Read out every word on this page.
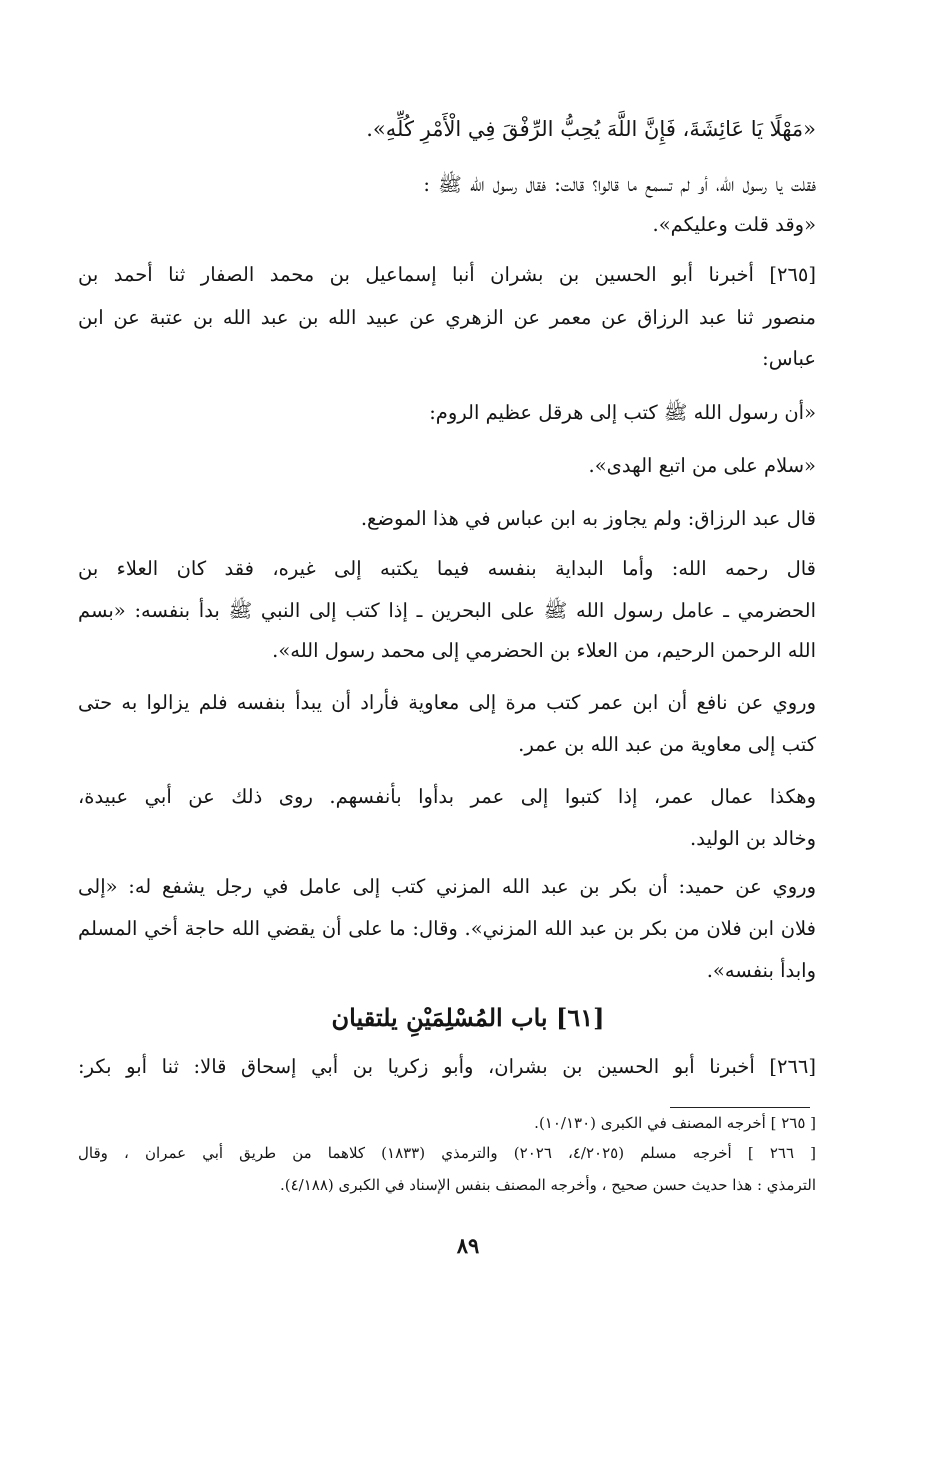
«مَهْلًا يَا عَائِشَةَ، فَإِنَّ اللَّهَ يُحِبُّ الرِّفْقَ فِي الْأَمْرِ كُلِّهِ».
فقلت يا رسول الله، أو لم تسمع ما قالوا؟ قالت: فقال رسول الله ﷺ :
«وقد قلت وعليكم».
[٢٦٥] أخبرنا أبو الحسين بن بشران أنبا إسماعيل بن محمد الصفار ثنا أحمد بن
منصور ثنا عبد الرزاق عن معمر عن الزهري عن عبيد الله بن عبد الله بن عتبة عن ابن
عباس:
«أن رسول الله ﷺ كتب إلى هرقل عظيم الروم:
«سلام على من اتبع الهدى».
قال عبد الرزاق: ولم يجاوز به ابن عباس في هذا الموضع.
قال رحمه الله: وأما البداية بنفسه فيما يكتبه إلى غيره، فقد كان العلاء بن
الحضرمي ـ عامل رسول الله ﷺ على البحرين ـ إذا كتب إلى النبي ﷺ بدأ بنفسه: «بسم
الله الرحمن الرحيم، من العلاء بن الحضرمي إلى محمد رسول الله».
وروي عن نافع أن ابن عمر كتب مرة إلى معاوية فأراد أن يبدأ بنفسه فلم يزالوا به حتى
كتب إلى معاوية من عبد الله بن عمر.
وهكذا عمال عمر، إذا كتبوا إلى عمر بدأوا بأنفسهم. روى ذلك عن أبي عبيدة،
وخالد بن الوليد.
وروي عن حميد: أن بكر بن عبد الله المزني كتب إلى عامل في رجل يشفع له: «إلى
فلان ابن فلان من بكر بن عبد الله المزني». وقال: ما على أن يقضي الله حاجة أخي المسلم
وابدأ بنفسه».
[٦١] باب المُسْلِمَيْنِ يلتقيان
[٢٦٦] أخبرنا أبو الحسين بن بشران، وأبو زكريا بن أبي إسحاق قالا: ثنا أبو بكر:
[ ٢٦٥ ] أخرجه المصنف في الكبرى (١٠/١٣٠).
[ ٢٦٦ ] أخرجه مسلم (٤/٢٠٢٥، ٢٠٢٦) والترمذي (١٨٣٣) كلاهما من طريق أبي عمران ، وقال
الترمذي : هذا حديث حسن صحيح ، وأخرجه المصنف بنفس الإسناد في الكبرى (٤/١٨٨).
٨٩
